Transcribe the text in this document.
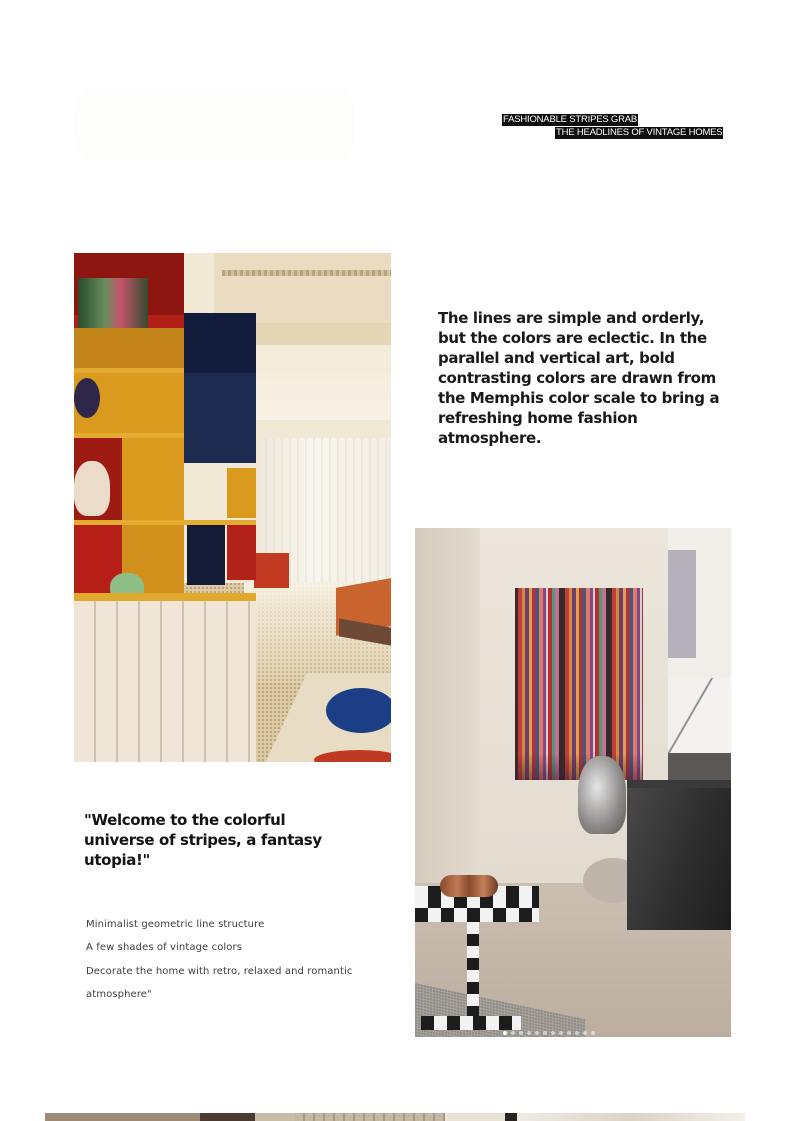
FASHIONABLE STRIPES GRAB
THE HEADLINES OF VINTAGE HOMES

The lines are simple and orderly, but the colors are eclectic. In the parallel and vertical art, bold contrasting colors are drawn from the Memphis color scale to bring a refreshing home fashion atmosphere.

"Welcome to the colorful universe of stripes, a fantasy utopia!"

Minimalist geometric line structure
A few shades of vintage colors
Decorate the home with retro, relaxed and romantic
atmosphere"
